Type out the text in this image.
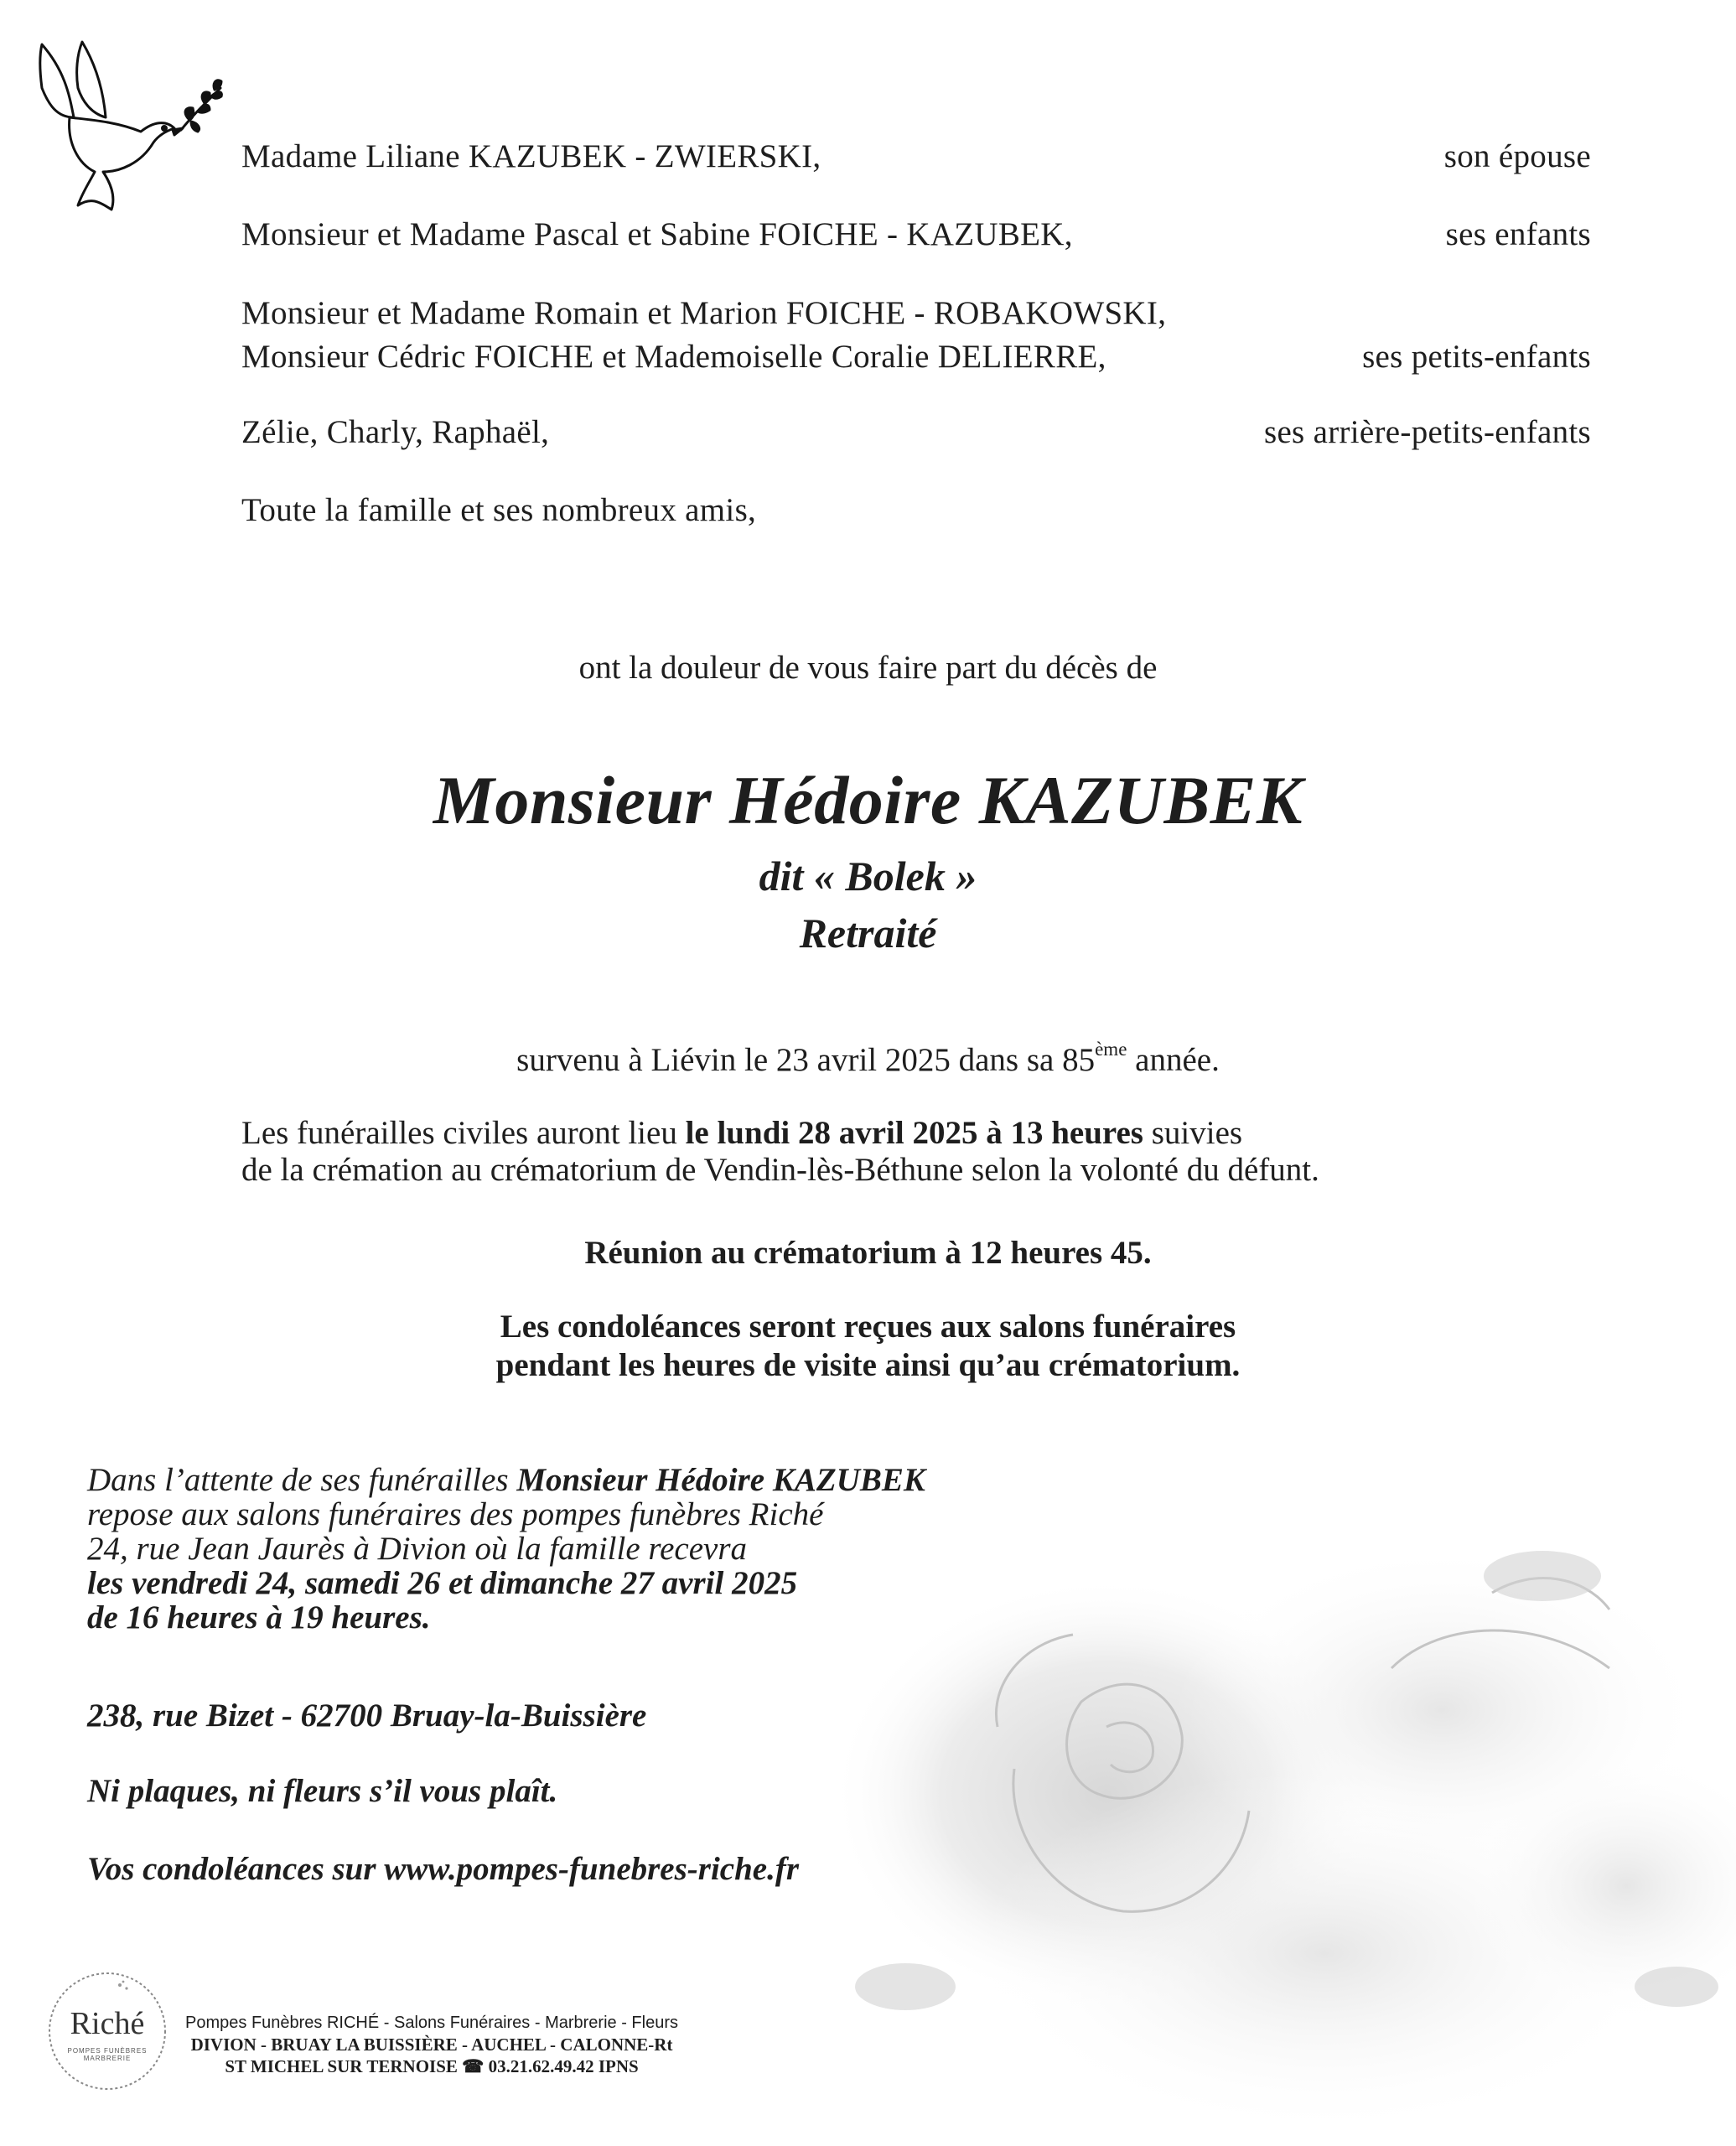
Madame Liliane KAZUBEK - ZWIERSKI,	son épouse
Monsieur et Madame Pascal et Sabine FOICHE - KAZUBEK,	ses enfants
Monsieur et Madame Romain et Marion FOICHE - ROBAKOWSKI,
Monsieur Cédric FOICHE et Mademoiselle Coralie DELIERRE,	ses petits-enfants
Zélie, Charly, Raphaël,	ses arrière-petits-enfants
Toute la famille et ses nombreux amis,
ont la douleur de vous faire part du décès de
Monsieur Hédoire KAZUBEK
dit « Bolek »
Retraité
survenu à Liévin le 23 avril 2025 dans sa 85ème année.
Les funérailles civiles auront lieu le lundi 28 avril 2025 à 13 heures suivies
de la crémation au crématorium de Vendin-lès-Béthune selon la volonté du défunt.
Réunion au crématorium à 12 heures 45.
Les condoléances seront reçues aux salons funéraires
pendant les heures de visite ainsi qu’au crématorium.
Dans l’attente de ses funérailles Monsieur Hédoire KAZUBEK
repose aux salons funéraires des pompes funèbres Riché
24, rue Jean Jaurès à Divion où la famille recevra
les vendredi 24, samedi 26 et dimanche 27 avril 2025
de 16 heures à 19 heures.
238, rue Bizet - 62700 Bruay-la-Buissière
Ni plaques, ni fleurs s’il vous plaît.
Vos condoléances sur www.pompes-funebres-riche.fr
Riché
POMPES FUNÈBRES MARBRERIE
Pompes Funèbres RICHÉ - Salons Funéraires - Marbrerie - Fleurs
DIVION - BRUAY LA BUISSIÈRE - AUCHEL - CALONNE-Rt
ST MICHEL SUR TERNOISE ☎ 03.21.62.49.42 IPNS
